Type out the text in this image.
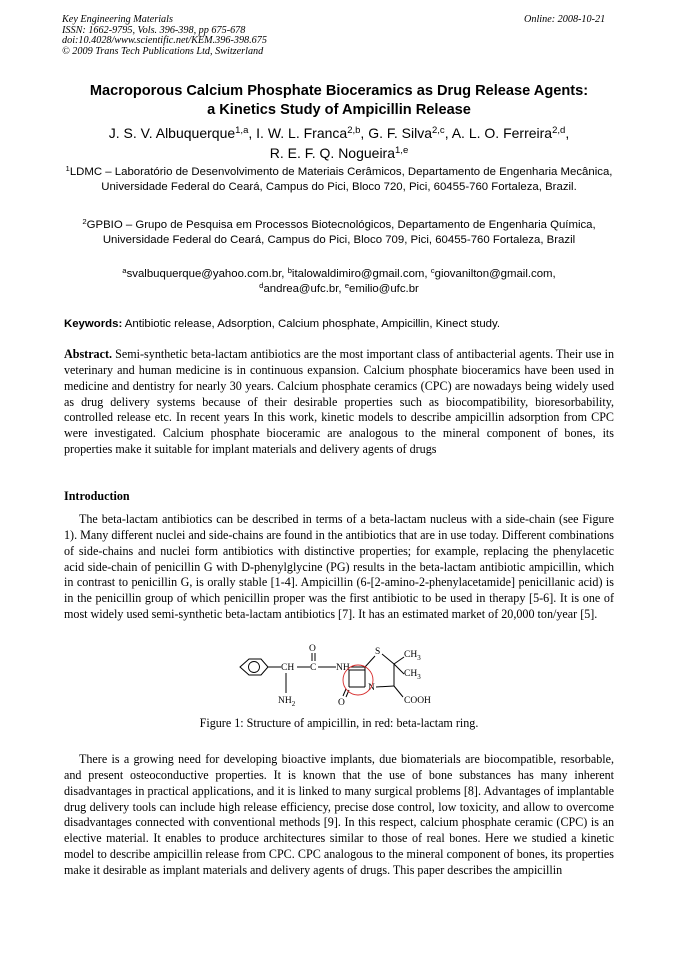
Key Engineering Materials
ISSN: 1662-9795, Vols. 396-398, pp 675-678
doi:10.4028/www.scientific.net/KEM.396-398.675
© 2009 Trans Tech Publications Ltd, Switzerland
Online: 2008-10-21
Macroporous Calcium Phosphate Bioceramics as Drug Release Agents:
a Kinetics Study of Ampicillin Release
J. S. V. Albuquerque$^{1,a}$, I. W. L. Franca$^{2,b}$, G. F. Silva$^{2,c}$, A. L. O. Ferreira$^{2,d}$,
R. E. F. Q. Nogueira$^{1,e}$
$^1$LDMC – Laboratório de Desenvolvimento de Materiais Cerâmicos, Departamento de Engenharia Mecânica, Universidade Federal do Ceará, Campus do Pici, Bloco 720, Pici, 60455-760 Fortaleza, Brazil.
$^2$GPBIO – Grupo de Pesquisa em Processos Biotecnológicos, Departamento de Engenharia Química, Universidade Federal do Ceará, Campus do Pici, Bloco 709, Pici, 60455-760 Fortaleza, Brazil
$^a$svalbuquerque@yahoo.com.br, $^b$italowaldimiro@gmail.com, $^c$giovanilton@gmail.com,
$^d$andrea@ufc.br, $^e$emilio@ufc.br
Keywords: Antibiotic release, Adsorption, Calcium phosphate, Ampicillin, Kinect study.
Abstract. Semi-synthetic beta-lactam antibiotics are the most important class of antibacterial agents. Their use in veterinary and human medicine is in continuous expansion. Calcium phosphate bioceramics have been used in medicine and dentistry for nearly 30 years. Calcium phosphate ceramics (CPC) are nowadays being widely used as drug delivery systems because of their desirable properties such as biocompatibility, bioresorbability, controlled release etc. In recent years In this work, kinetic models to describe ampicillin adsorption from CPC were investigated. Calcium phosphate bioceramic are analogous to the mineral component of bones, its properties make it suitable for implant materials and delivery agents of drugs
Introduction
The beta-lactam antibiotics can be described in terms of a beta-lactam nucleus with a side-chain (see Figure 1). Many different nuclei and side-chains are found in the antibiotics that are in use today. Different combinations of side-chains and nuclei form antibiotics with distinctive properties; for example, replacing the phenylacetic acid side-chain of penicillin G with D-phenylglycine (PG) results in the beta-lactam antibiotic ampicillin, which in contrast to penicillin G, is orally stable [1-4]. Ampicillin (6-[2-amino-2-phenylacetamide] penicillanic acid) is in the penicillin group of which penicillin proper was the first antibiotic to be used in therapy [5-6]. It is one of most widely used semi-synthetic beta-lactam antibiotics [7]. It has an estimated market of 20,000 ton/year [5].
CH C
O
NH
O
N
S $CH_3$
$CH_3$
COOH
$NH_2$
Figure 1: Structure of ampicillin, in red: beta-lactam ring.
There is a growing need for developing bioactive implants, due biomaterials are biocompatible, resorbable, and present osteoconductive properties. It is known that the use of bone substances has many inherent disadvantages in practical applications, and it is linked to many surgical problems [8]. Advantages of implantable drug delivery tools can include high release efficiency, precise dose control, low toxicity, and allow to overcome disadvantages connected with conventional methods [9]. In this respect, calcium phosphate ceramic (CPC) is an elective material. It enables to produce architectures similar to those of real bones. Here we studied a kinetic model to describe ampicillin release from CPC. CPC analogous to the mineral component of bones, its properties make it desirable as implant materials and delivery agents of drugs. This paper describes the ampicillin
